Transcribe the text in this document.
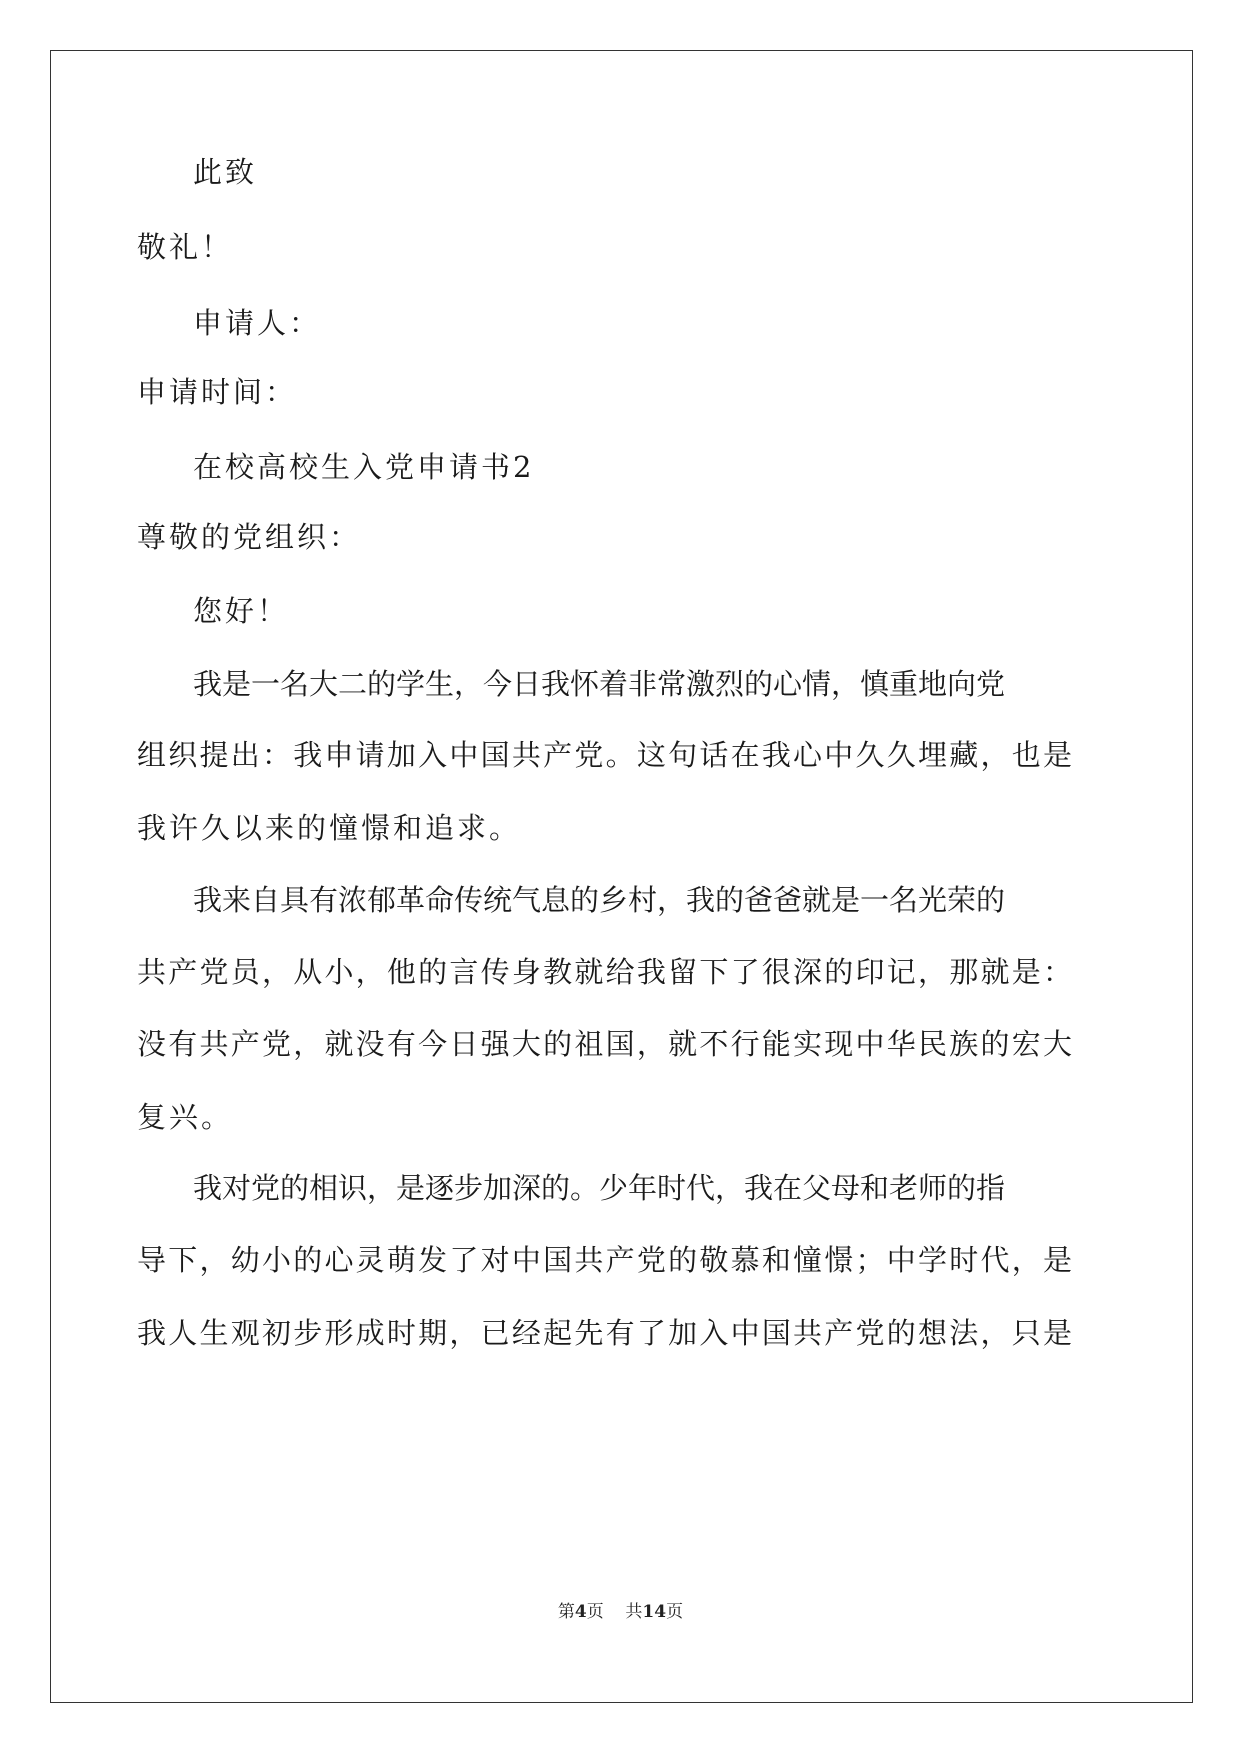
此致
敬礼！
申请人：
申请时间：
在校高校生入党申请书2
尊敬的党组织：
您好！
我是一名大二的学生，今日我怀着非常激烈的心情，慎重地向党
组织提出：我申请加入中国共产党。这句话在我心中久久埋藏，也是
我许久以来的憧憬和追求。
我来自具有浓郁革命传统气息的乡村，我的爸爸就是一名光荣的
共产党员，从小，他的言传身教就给我留下了很深的印记，那就是：
没有共产党，就没有今日强大的祖国，就不行能实现中华民族的宏大
复兴。
我对党的相识，是逐步加深的。少年时代，我在父母和老师的指
导下，幼小的心灵萌发了对中国共产党的敬慕和憧憬；中学时代，是
我人生观初步形成时期，已经起先有了加入中国共产党的想法，只是
第4页 共14页
